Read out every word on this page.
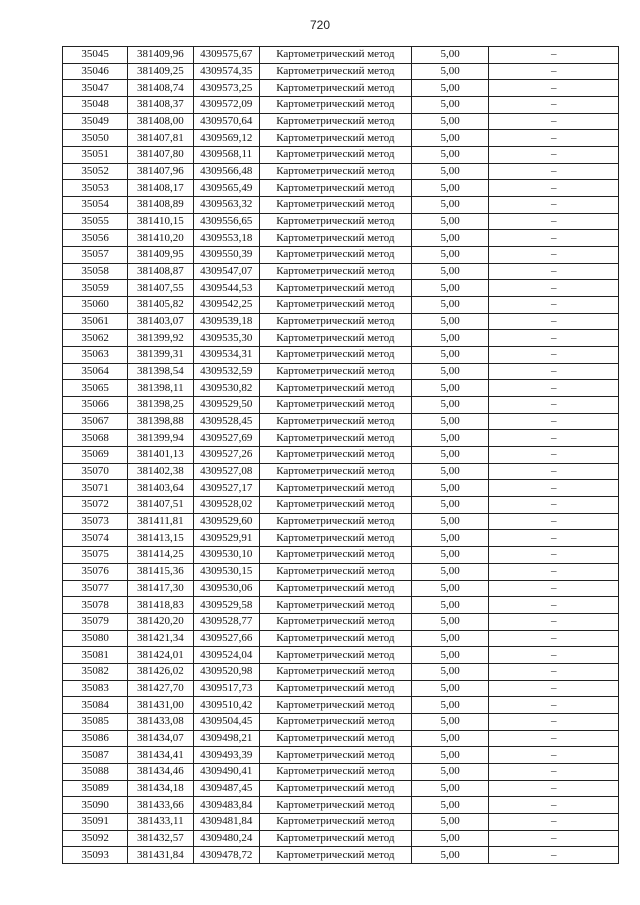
720
35045	381409,96	4309575,67	Картометрический метод	5,00	–
35046	381409,25	4309574,35	Картометрический метод	5,00	–
35047	381408,74	4309573,25	Картометрический метод	5,00	–
35048	381408,37	4309572,09	Картометрический метод	5,00	–
35049	381408,00	4309570,64	Картометрический метод	5,00	–
35050	381407,81	4309569,12	Картометрический метод	5,00	–
35051	381407,80	4309568,11	Картометрический метод	5,00	–
35052	381407,96	4309566,48	Картометрический метод	5,00	–
35053	381408,17	4309565,49	Картометрический метод	5,00	–
35054	381408,89	4309563,32	Картометрический метод	5,00	–
35055	381410,15	4309556,65	Картометрический метод	5,00	–
35056	381410,20	4309553,18	Картометрический метод	5,00	–
35057	381409,95	4309550,39	Картометрический метод	5,00	–
35058	381408,87	4309547,07	Картометрический метод	5,00	–
35059	381407,55	4309544,53	Картометрический метод	5,00	–
35060	381405,82	4309542,25	Картометрический метод	5,00	–
35061	381403,07	4309539,18	Картометрический метод	5,00	–
35062	381399,92	4309535,30	Картометрический метод	5,00	–
35063	381399,31	4309534,31	Картометрический метод	5,00	–
35064	381398,54	4309532,59	Картометрический метод	5,00	–
35065	381398,11	4309530,82	Картометрический метод	5,00	–
35066	381398,25	4309529,50	Картометрический метод	5,00	–
35067	381398,88	4309528,45	Картометрический метод	5,00	–
35068	381399,94	4309527,69	Картометрический метод	5,00	–
35069	381401,13	4309527,26	Картометрический метод	5,00	–
35070	381402,38	4309527,08	Картометрический метод	5,00	–
35071	381403,64	4309527,17	Картометрический метод	5,00	–
35072	381407,51	4309528,02	Картометрический метод	5,00	–
35073	381411,81	4309529,60	Картометрический метод	5,00	–
35074	381413,15	4309529,91	Картометрический метод	5,00	–
35075	381414,25	4309530,10	Картометрический метод	5,00	–
35076	381415,36	4309530,15	Картометрический метод	5,00	–
35077	381417,30	4309530,06	Картометрический метод	5,00	–
35078	381418,83	4309529,58	Картометрический метод	5,00	–
35079	381420,20	4309528,77	Картометрический метод	5,00	–
35080	381421,34	4309527,66	Картометрический метод	5,00	–
35081	381424,01	4309524,04	Картометрический метод	5,00	–
35082	381426,02	4309520,98	Картометрический метод	5,00	–
35083	381427,70	4309517,73	Картометрический метод	5,00	–
35084	381431,00	4309510,42	Картометрический метод	5,00	–
35085	381433,08	4309504,45	Картометрический метод	5,00	–
35086	381434,07	4309498,21	Картометрический метод	5,00	–
35087	381434,41	4309493,39	Картометрический метод	5,00	–
35088	381434,46	4309490,41	Картометрический метод	5,00	–
35089	381434,18	4309487,45	Картометрический метод	5,00	–
35090	381433,66	4309483,84	Картометрический метод	5,00	–
35091	381433,11	4309481,84	Картометрический метод	5,00	–
35092	381432,57	4309480,24	Картометрический метод	5,00	–
35093	381431,84	4309478,72	Картометрический метод	5,00	–
